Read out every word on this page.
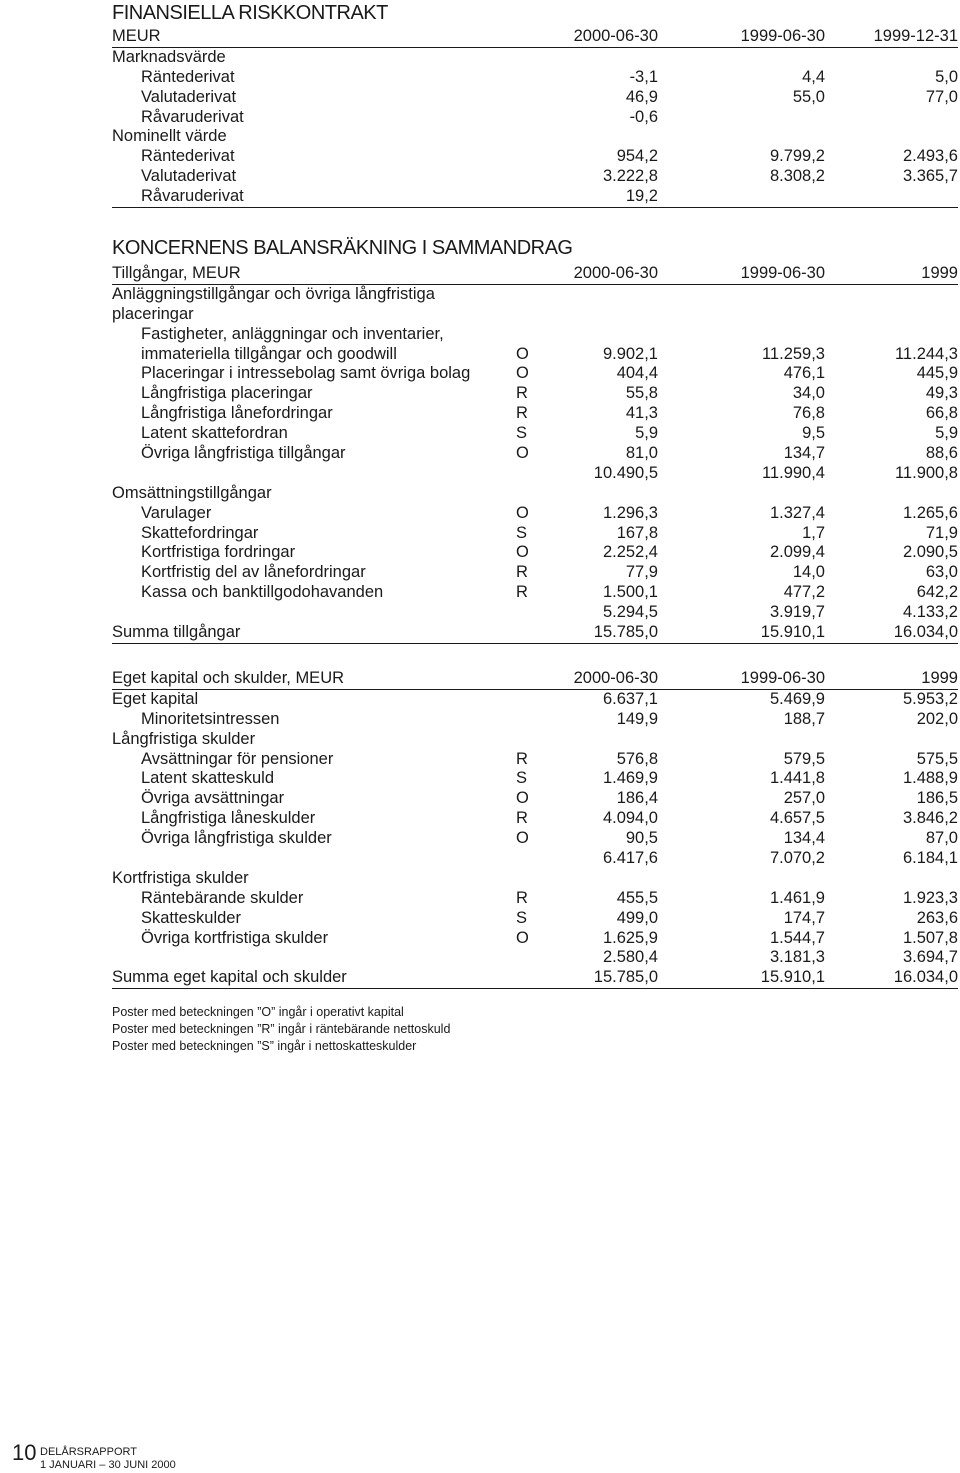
FINANSIELLA RISKKONTRAKT
MEUR	2000-06-30	1999-06-30	1999-12-31
Marknadsvärde
Räntederivat	-3,1	4,4	5,0
Valutaderivat	46,9	55,0	77,0
Råvaruderivat	-0,6
Nominellt värde
Räntederivat	954,2	9.799,2	2.493,6
Valutaderivat	3.222,8	8.308,2	3.365,7
Råvaruderivat	19,2
KONCERNENS BALANSRÄKNING I SAMMANDRAG
Tillgångar, MEUR	2000-06-30	1999-06-30	1999
Anläggningstillgångar och övriga långfristiga
placeringar
Fastigheter, anläggningar och inventarier,
immateriella tillgångar och goodwill	O	9.902,1	11.259,3	11.244,3
Placeringar i intressebolag samt övriga bolag	O	404,4	476,1	445,9
Långfristiga placeringar	R	55,8	34,0	49,3
Långfristiga lånefordringar	R	41,3	76,8	66,8
Latent skattefordran	S	5,9	9,5	5,9
Övriga långfristiga tillgångar	O	81,0	134,7	88,6
10.490,5	11.990,4	11.900,8
Omsättningstillgångar
Varulager	O	1.296,3	1.327,4	1.265,6
Skattefordringar	S	167,8	1,7	71,9
Kortfristiga fordringar	O	2.252,4	2.099,4	2.090,5
Kortfristig del av lånefordringar	R	77,9	14,0	63,0
Kassa och banktillgodohavanden	R	1.500,1	477,2	642,2
5.294,5	3.919,7	4.133,2
Summa tillgångar	15.785,0	15.910,1	16.034,0
Eget kapital och skulder, MEUR	2000-06-30	1999-06-30	1999
Eget kapital	6.637,1	5.469,9	5.953,2
Minoritetsintressen	149,9	188,7	202,0
Långfristiga skulder
Avsättningar för pensioner	R	576,8	579,5	575,5
Latent skatteskuld	S	1.469,9	1.441,8	1.488,9
Övriga avsättningar	O	186,4	257,0	186,5
Långfristiga låneskulder	R	4.094,0	4.657,5	3.846,2
Övriga långfristiga skulder	O	90,5	134,4	87,0
6.417,6	7.070,2	6.184,1
Kortfristiga skulder
Räntebärande skulder	R	455,5	1.461,9	1.923,3
Skatteskulder	S	499,0	174,7	263,6
Övriga kortfristiga skulder	O	1.625,9	1.544,7	1.507,8
2.580,4	3.181,3	3.694,7
Summa eget kapital och skulder	15.785,0	15.910,1	16.034,0
Poster med beteckningen ”O” ingår i operativt kapital
Poster med beteckningen ”R” ingår i räntebärande nettoskuld
Poster med beteckningen ”S” ingår i nettoskatteskulder
10 DELÅRSRAPPORT
1 JANUARI – 30 JUNI 2000
